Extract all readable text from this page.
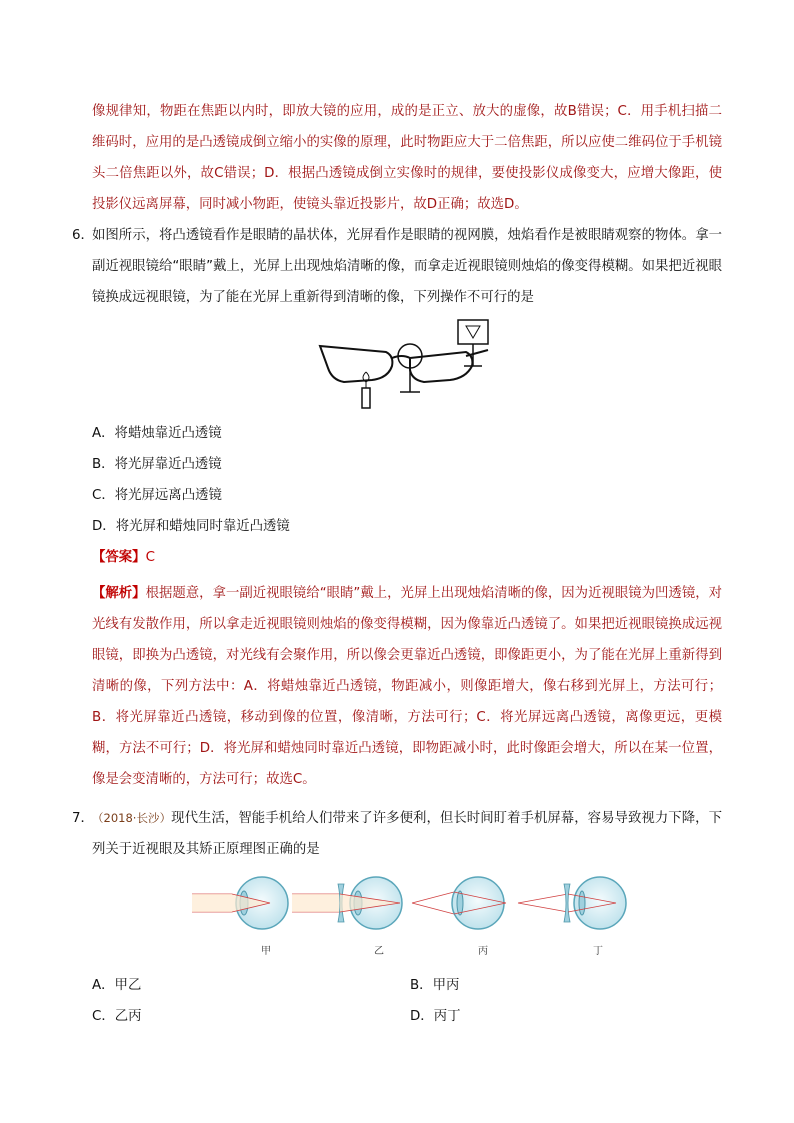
像规律知，物距在焦距以内时，即放大镜的应用，成的是正立、放大的虚像，故B错误；C．用手机扫描二维码时，应用的是凸透镜成倒立缩小的实像的原理，此时物距应大于二倍焦距，所以应使二维码位于手机镜头二倍焦距以外，故C错误；D．根据凸透镜成倒立实像时的规律，要使投影仪成像变大，应增大像距，使投影仪远离屏幕，同时减小物距，使镜头靠近投影片，故D正确；故选D。

6．

如图所示，将凸透镜看作是眼睛的晶状体，光屏看作是眼睛的视网膜，烛焰看作是被眼睛观察的物体。拿一副近视眼镜给“眼睛”戴上，光屏上出现烛焰清晰的像，而拿走近视眼镜则烛焰的像变得模糊。如果把近视眼镜换成远视眼镜，为了能在光屏上重新得到清晰的像，下列操作不可行的是

A．将蜡烛靠近凸透镜
B．将光屏靠近凸透镜
C．将光屏远离凸透镜
D．将光屏和蜡烛同时靠近凸透镜
【答案】C

【解析】根据题意，拿一副近视眼镜给“眼睛”戴上，光屏上出现烛焰清晰的像，因为近视眼镜为凹透镜，对光线有发散作用，所以拿走近视眼镜则烛焰的像变得模糊，因为像靠近凸透镜了。如果把近视眼镜换成远视眼镜，即换为凸透镜，对光线有会聚作用，所以像会更靠近凸透镜，即像距更小，为了能在光屏上重新得到清晰的像，下列方法中：A．将蜡烛靠近凸透镜，物距减小，则像距增大，像右移到光屏上，方法可行；B．将光屏靠近凸透镜，移动到像的位置，像清晰，方法可行；C．将光屏远离凸透镜，离像更远，更模糊，方法不可行；D．将光屏和蜡烛同时靠近凸透镜，即物距减小时，此时像距会增大，所以在某一位置，像是会变清晰的，方法可行；故选C。

7．

（2018·长沙）现代生活，智能手机给人们带来了许多便利，但长时间盯着手机屏幕，容易导致视力下降，下列关于近视眼及其矫正原理图正确的是

甲	乙	丙	丁
A．甲乙	B．甲丙
C．乙丙	D．丙丁
